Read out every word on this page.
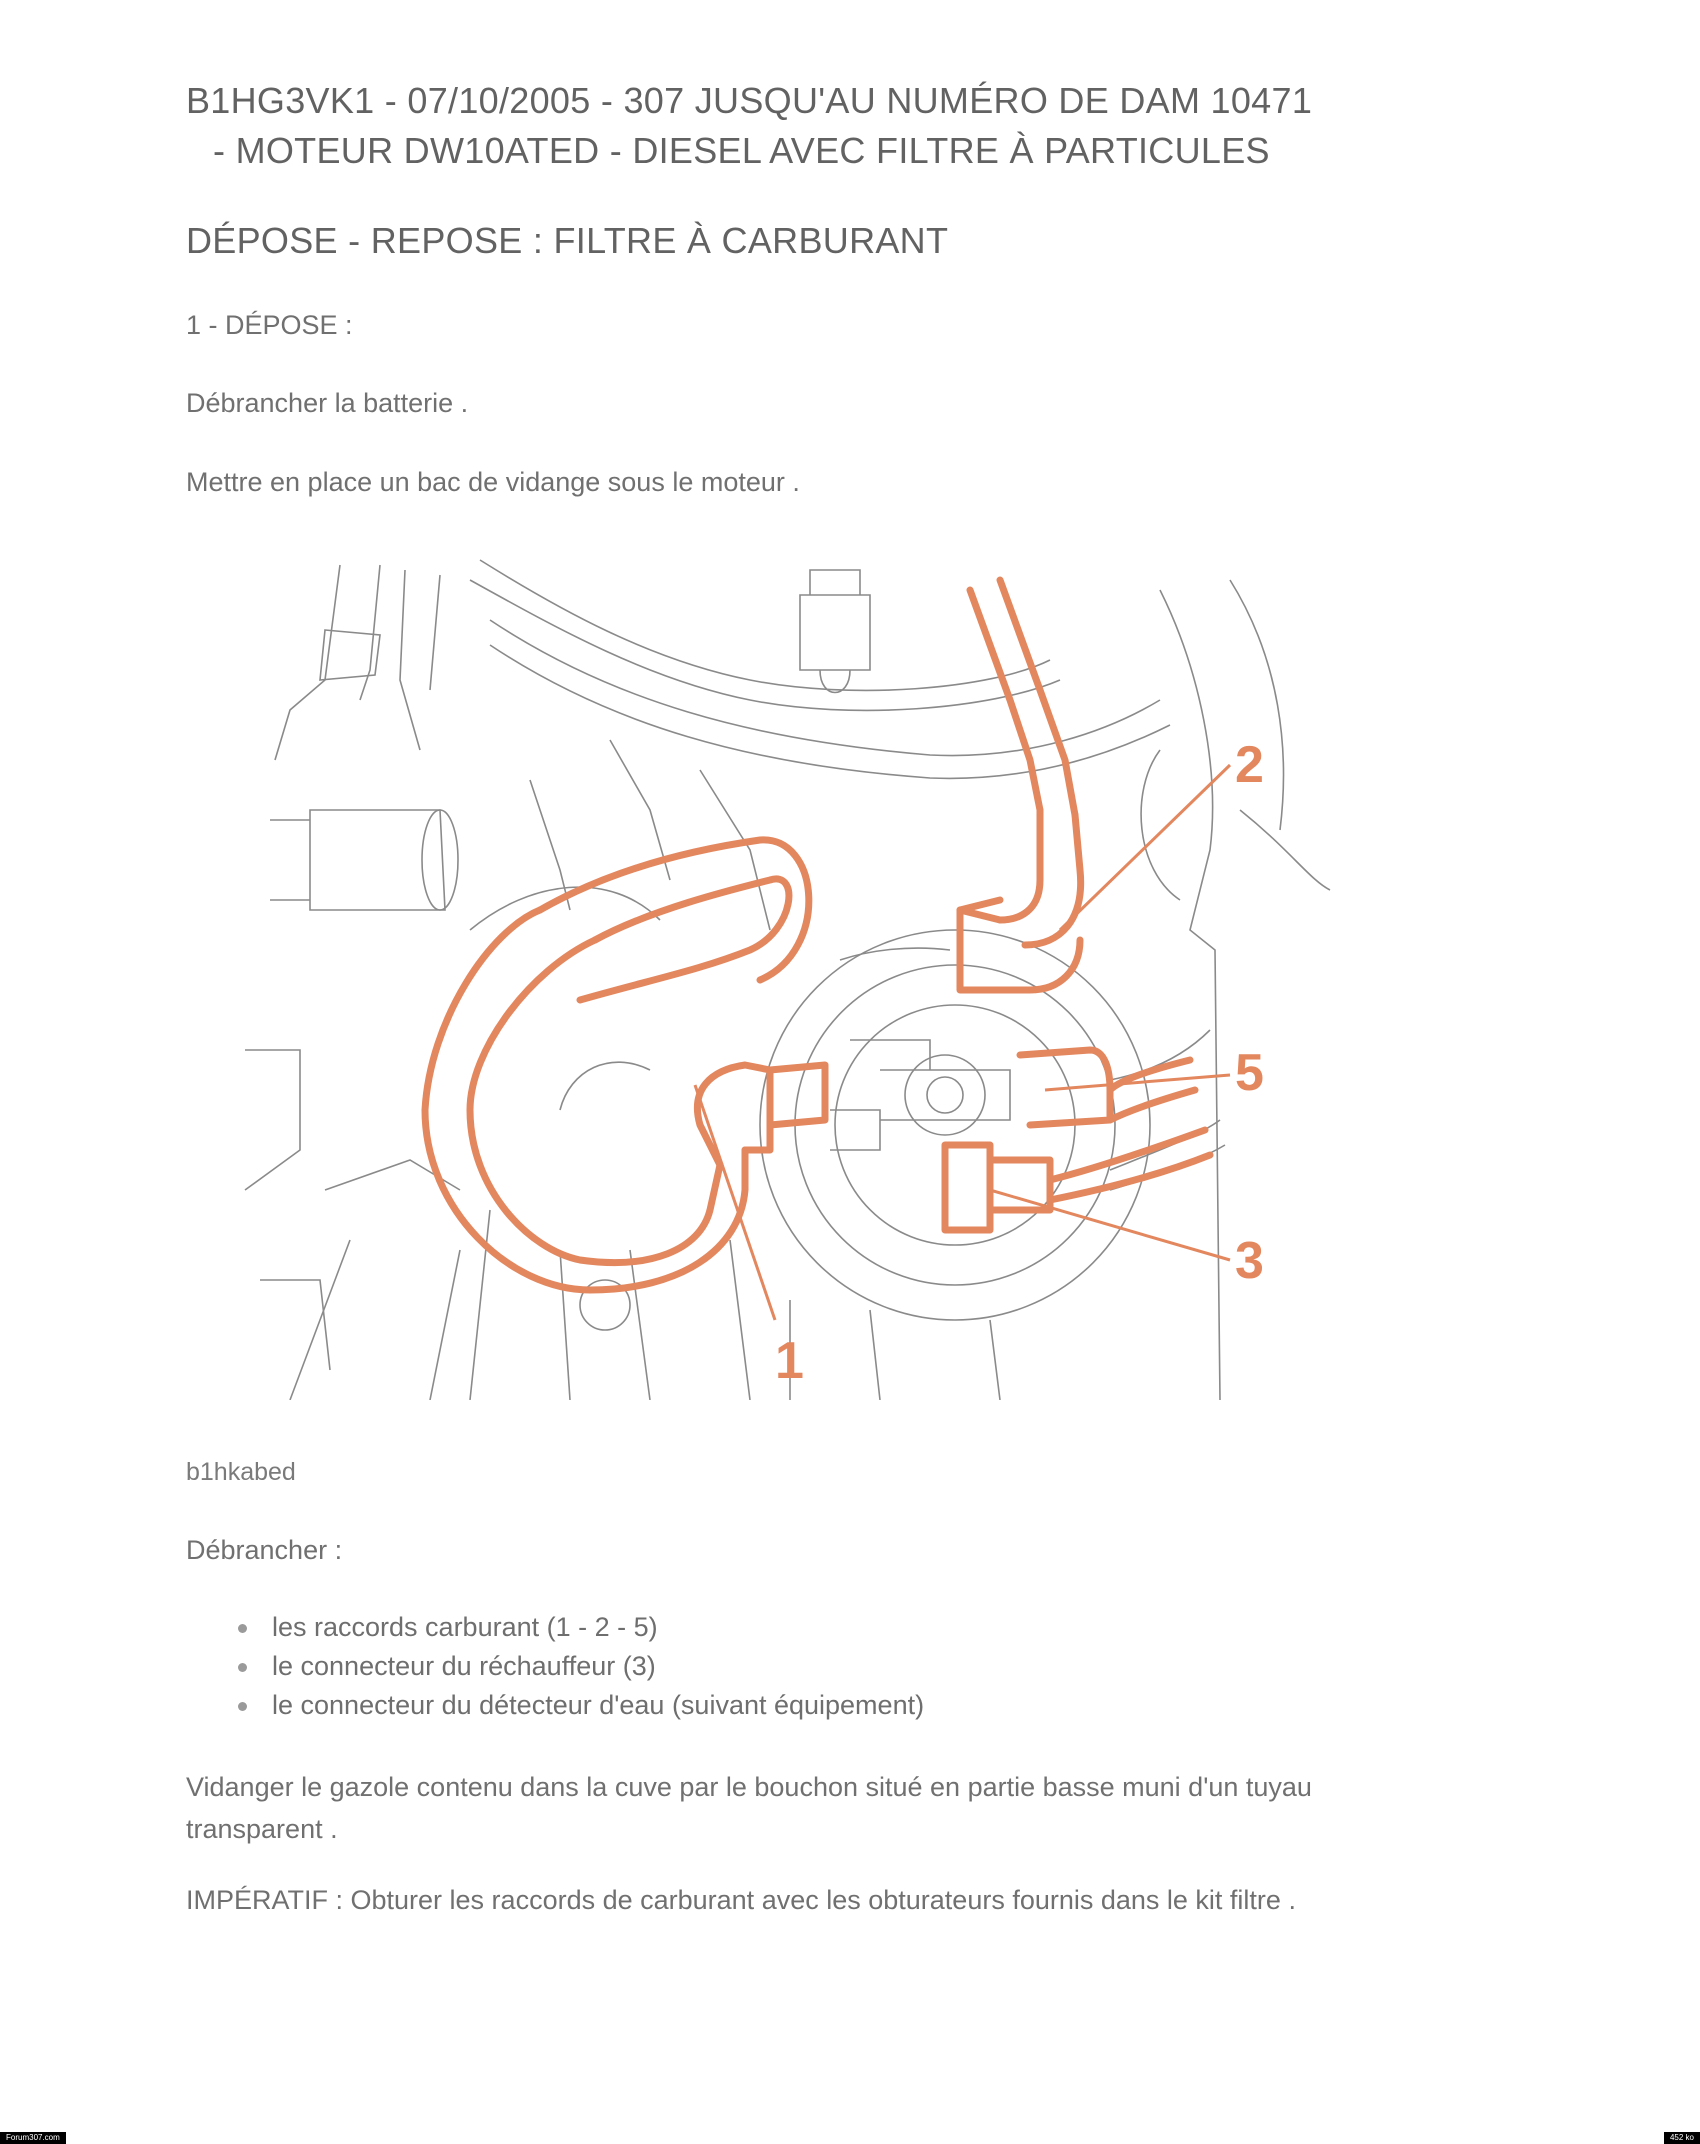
B1HG3VK1 - 07/10/2005 - 307 JUSQU'AU NUMÉRO DE DAM 10471
- MOTEUR DW10ATED - DIESEL AVEC FILTRE À PARTICULES
DÉPOSE - REPOSE : FILTRE À CARBURANT
1 - DÉPOSE :
Débrancher la batterie .
Mettre en place un bac de vidange sous le moteur .
1
2
3
5
b1hkabed
Débrancher :
les raccords carburant (1 - 2 - 5)
le connecteur du réchauffeur (3)
le connecteur du détecteur d'eau (suivant équipement)
Vidanger le gazole contenu dans la cuve par le bouchon situé en partie basse muni d'un tuyau transparent .
IMPÉRATIF : Obturer les raccords de carburant avec les obturateurs fournis dans le kit filtre .
Forum307.com	452 ko
